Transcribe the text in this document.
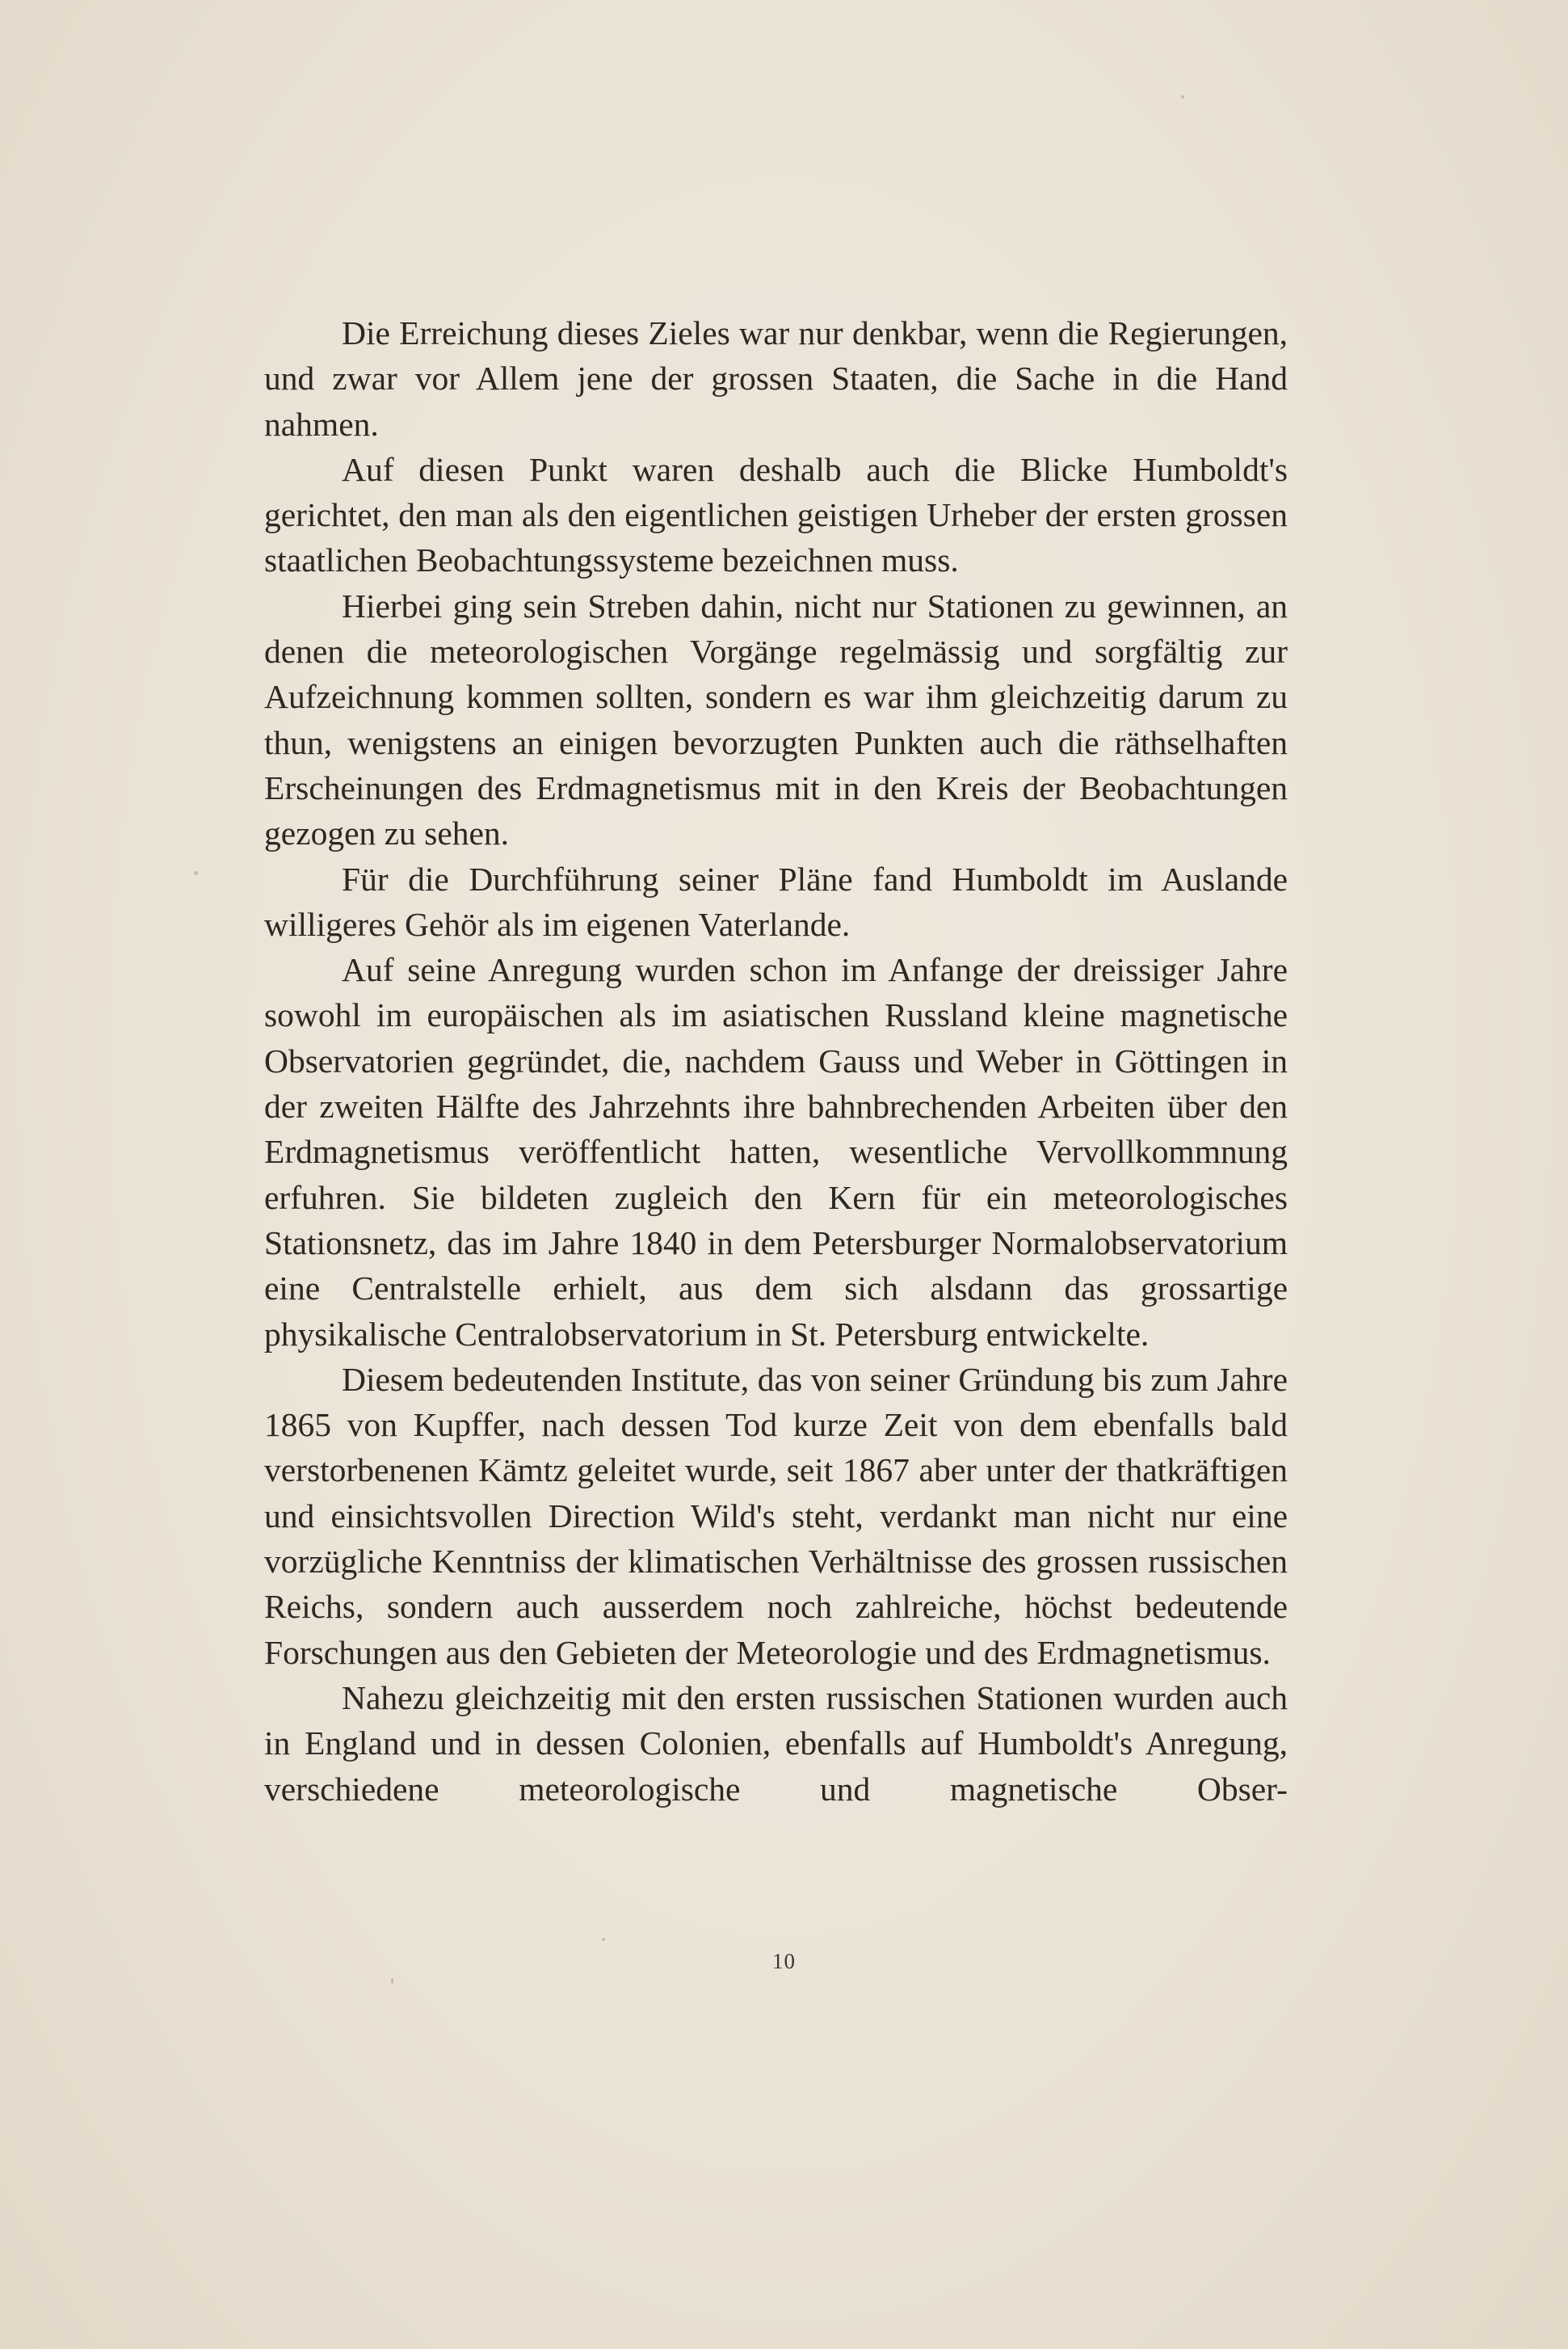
Die Erreichung dieses Zieles war nur denkbar, wenn die Regierungen, und zwar vor Allem jene der grossen Staaten, die Sache in die Hand nahmen.

Auf diesen Punkt waren deshalb auch die Blicke Humboldt's gerichtet, den man als den eigentlichen geistigen Urheber der ersten grossen staatlichen Beobachtungssysteme bezeichnen muss.

Hierbei ging sein Streben dahin, nicht nur Stationen zu gewinnen, an denen die meteorologischen Vorgänge regelmässig und sorgfältig zur Aufzeichnung kommen sollten, sondern es war ihm gleichzeitig darum zu thun, wenigstens an einigen bevorzugten Punkten auch die räthselhaften Erscheinungen des Erdmagnetismus mit in den Kreis der Beobachtungen gezogen zu sehen.

Für die Durchführung seiner Pläne fand Humboldt im Auslande willigeres Gehör als im eigenen Vaterlande.

Auf seine Anregung wurden schon im Anfange der dreissiger Jahre sowohl im europäischen als im asiatischen Russland kleine magnetische Observatorien gegründet, die, nachdem Gauss und Weber in Göttingen in der zweiten Hälfte des Jahrzehnts ihre bahnbrechenden Arbeiten über den Erdmagnetismus veröffentlicht hatten, wesentliche Vervollkommnung erfuhren. Sie bildeten zugleich den Kern für ein meteorologisches Stationsnetz, das im Jahre 1840 in dem Petersburger Normalobservatorium eine Centralstelle erhielt, aus dem sich alsdann das grossartige physikalische Centralobservatorium in St. Petersburg entwickelte.

Diesem bedeutenden Institute, das von seiner Gründung bis zum Jahre 1865 von Kupffer, nach dessen Tod kurze Zeit von dem ebenfalls bald verstorbenenen Kämtz geleitet wurde, seit 1867 aber unter der thatkräftigen und einsichtsvollen Direction Wild's steht, verdankt man nicht nur eine vorzügliche Kenntniss der klimatischen Verhältnisse des grossen russischen Reichs, sondern auch ausserdem noch zahlreiche, höchst bedeutende Forschungen aus den Gebieten der Meteorologie und des Erdmagnetismus.

Nahezu gleichzeitig mit den ersten russischen Stationen wurden auch in England und in dessen Colonien, ebenfalls auf Humboldt's Anregung, verschiedene meteorologische und magnetische Obser-

10
